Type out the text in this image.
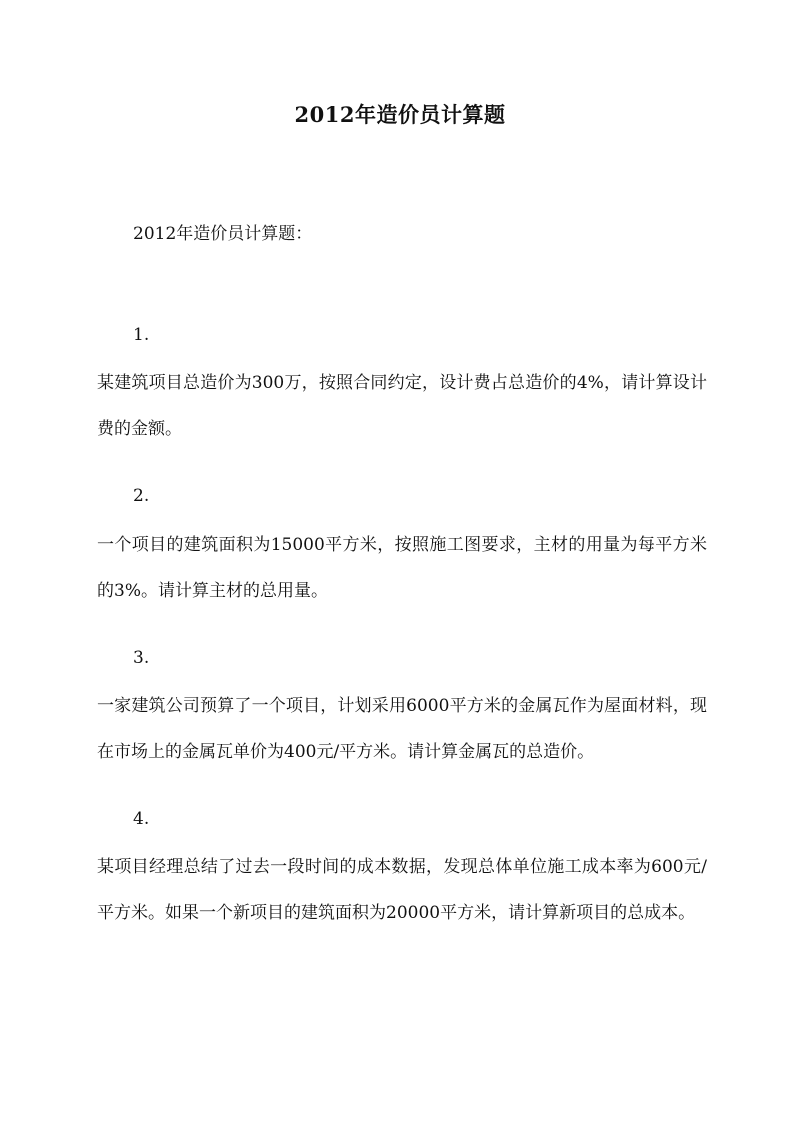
2012年造价员计算题
2012年造价员计算题：
1.
某建筑项目总造价为300万，按照合同约定，设计费占总造价的4%，请计算设计费的金额。
2.
一个项目的建筑面积为15000平方米，按照施工图要求，主材的用量为每平方米的3%。请计算主材的总用量。
3.
一家建筑公司预算了一个项目，计划采用6000平方米的金属瓦作为屋面材料，现在市场上的金属瓦单价为400元/平方米。请计算金属瓦的总造价。
4.
某项目经理总结了过去一段时间的成本数据，发现总体单位施工成本率为600元/平方米。如果一个新项目的建筑面积为20000平方米，请计算新项目的总成本。
